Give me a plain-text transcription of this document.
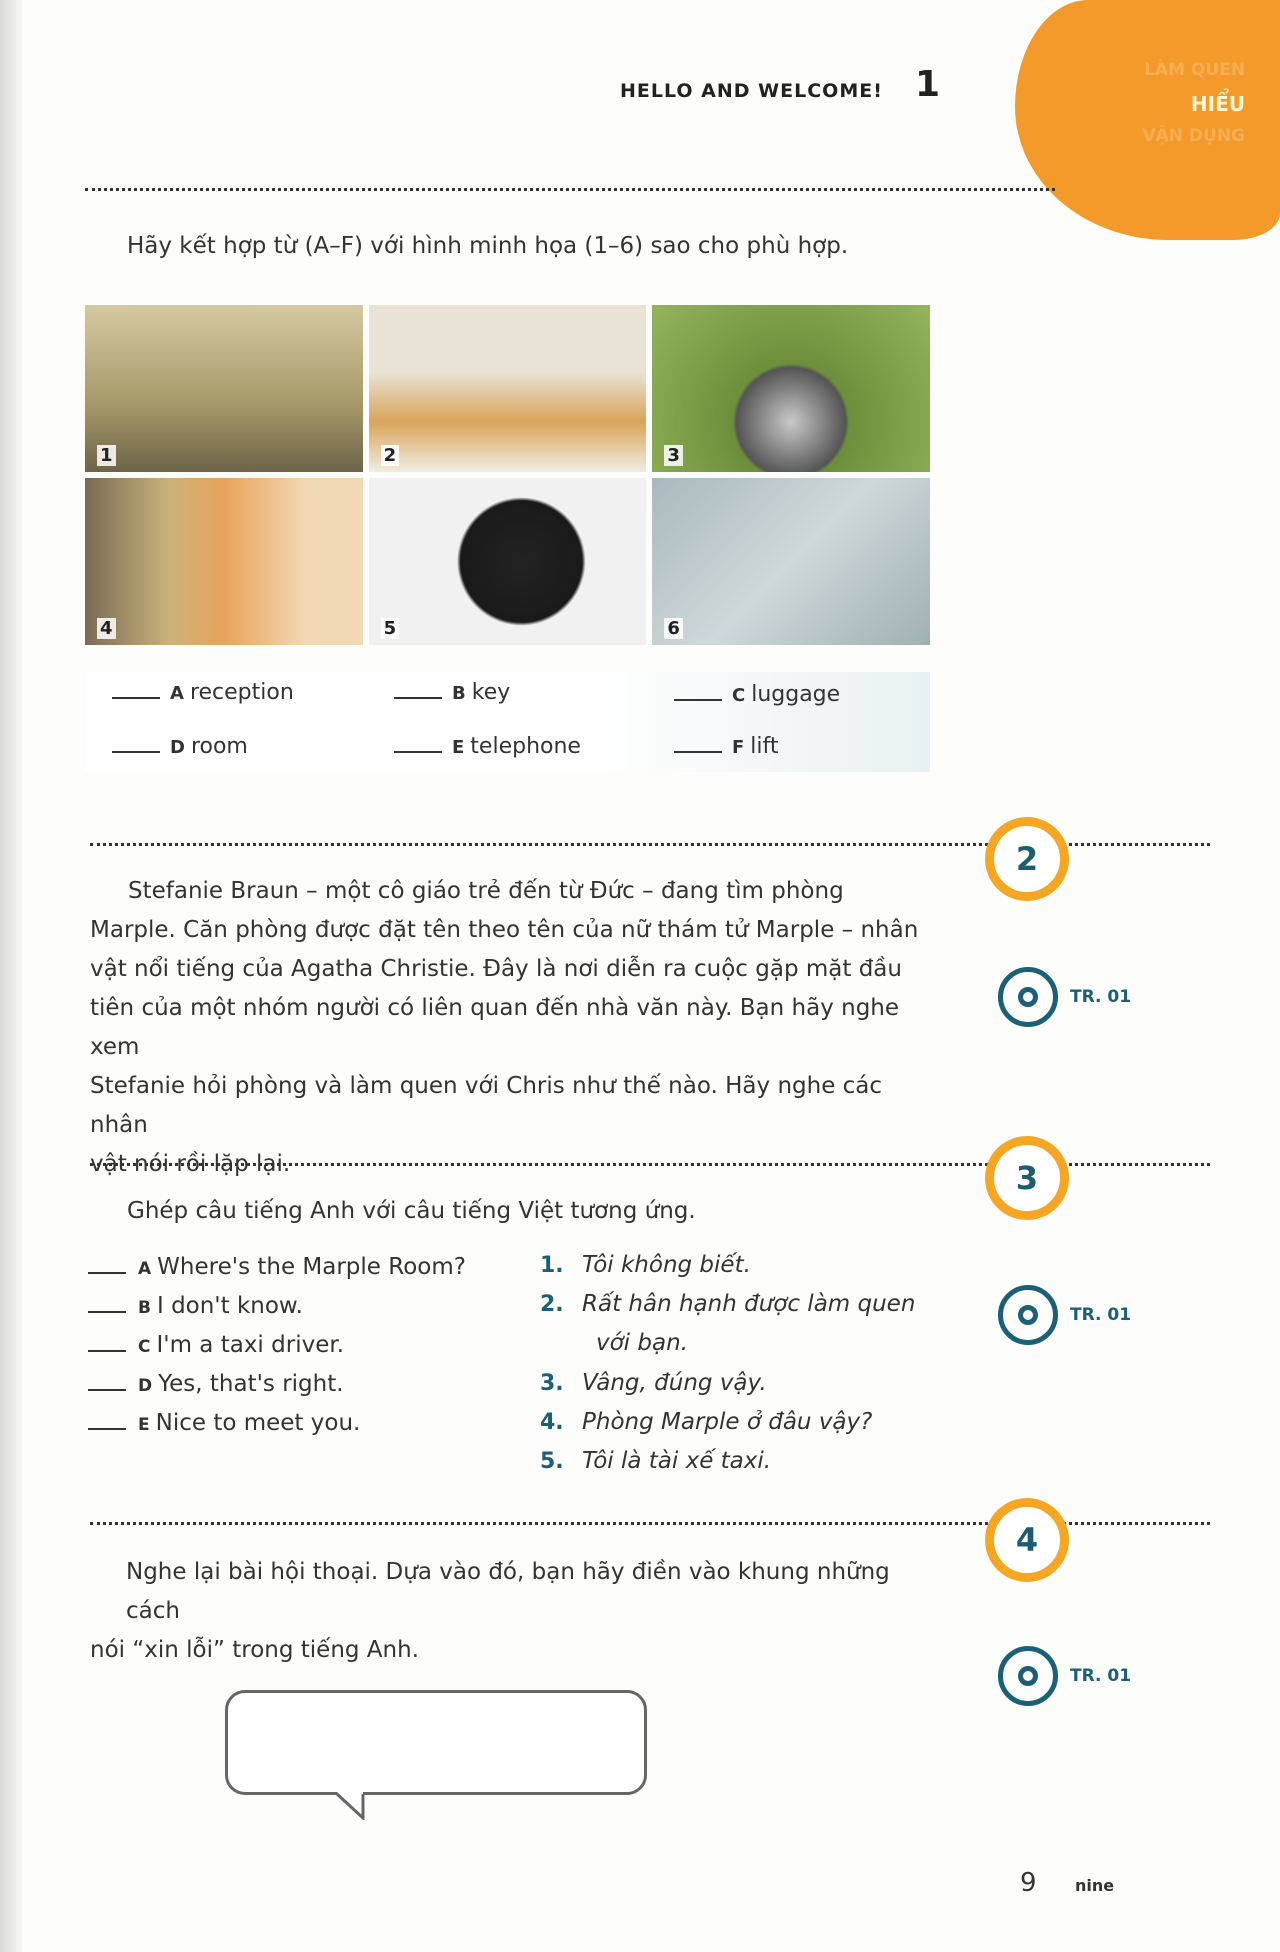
LÀM QUEN
HIỂU
VẬN DỤNG
HELLO AND WELCOME! 1
Hãy kết hợp từ (A–F) với hình minh họa (1–6) sao cho phù hợp.
1	2	3
4	5	6
A reception	B key	C luggage
D room	E telephone	F lift
2
TR. 01
Stefanie Braun – một cô giáo trẻ đến từ Đức – đang tìm phòng
Marple. Căn phòng được đặt tên theo tên của nữ thám tử Marple – nhân
vật nổi tiếng của Agatha Christie. Đây là nơi diễn ra cuộc gặp mặt đầu
tiên của một nhóm người có liên quan đến nhà văn này. Bạn hãy nghe xem
Stefanie hỏi phòng và làm quen với Chris như thế nào. Hãy nghe các nhân
vật nói rồi lặp lại.	3
TR. 01
Ghép câu tiếng Anh với câu tiếng Việt tương ứng.
A Where's the Marple Room?
B I don't know.
C I'm a taxi driver.
D Yes, that's right.
E Nice to meet you.
1. Tôi không biết.
2. Rất hân hạnh được làm quen
với bạn.
3. Vâng, đúng vậy.
4. Phòng Marple ở đâu vậy?
5. Tôi là tài xế taxi.
4
TR. 01
Nghe lại bài hội thoại. Dựa vào đó, bạn hãy điền vào khung những cách
nói “xin lỗi” trong tiếng Anh.
9 nine
